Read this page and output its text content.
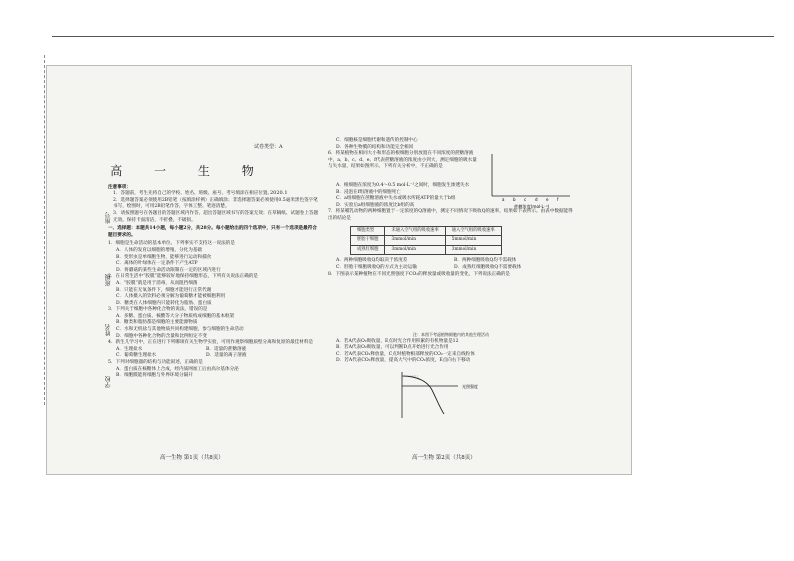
座号
班级
姓名
学校
试卷类型：A
高 一 生 物
2020.1
注意事项：
1．答题前，考生先将自己的学校、姓名、班级、座号、考号填涂在相应位置。
2．选择题答案必须使用2B铅笔（按填涂样例）正确填涂；非选择题答案必须使用0.5毫米黑色签字笔书写，绘图时，可用2B铅笔作答，字体工整、笔迹清楚。
3．请按照题号在各题目的答题区域内作答，超出答题区域书写的答案无效；在草稿纸、试题卷上答题无效。保持卡面清洁，不折叠、不破损。
一、选择题：本题共14小题，每小题2分，共28分。每小题给出的四个选项中，只有一个选项是最符合题目要求的。
1．细胞是生命活动的基本单位。下列事实不支持这一说法的是
A．人体的发育以细胞的增殖、分化为基础
B．变形虫是单细胞生物，能够进行运动和捕食
C．离体的叶绿体在一定条件下产生ATP
D．将蘑菇的某些生命活动限制在一定的区域内进行
2．在日常生活中“胶膜”能够较好地保持细胞形态，下列有关说法正确的是
A．“胶膜”就是用于消毒，从而阻挡细菌
B．只能在无氧条件下，细胞才能进行正常代谢
C．人体摄入的饮料必须分解为葡萄糖才能被细胞利用
D．糖类在人体细胞内只能转化为脂肪、蛋白质
3．下列关于细胞中各种化合物的说法，错误的是
A．多糖、蛋白质、核酸等大分子物质构成细胞的基本框架
B．糖类和脂肪都是细胞的主要能源物质
C．水和无机盐与其他物质共同构建细胞，参与细胞的生命活动
D．细胞中各种化合物的含量和比例恒定不变
4．新生儿学习中，正在进行下列哪项有关生物学实验，可用作观察细胞质壁分离和复原的最佳材料是
A．生理盐水	B．适量的蔗糖溶液
C．葡萄糖生理盐水	D．适量的离子溶液
5．下列对细胞器的结构与功能叙述，正确的是
A．蛋白质在核糖体上合成，经内质网加工后由高尔基体分泌
B．细胞膜能将细胞与外界环境分隔开
C．细胞核是细胞代谢和遗传的控制中心
D．各种生物膜的结构和功能完全相同
6．将某植物在相同大小和形态的根细胞分别放置在不同浓度的蔗糖溶液中，a、b、c、d、e、f代表蔗糖溶液的浓度由小到大，测定细胞的吸水量与失水量，结果如图所示。下列有关分析中，不正确的是
A．根细胞在浓度为0.4～0.5 mol·L⁻¹之间时，细胞发生渗透失水
B．浸泡在f组溶液中的细胞死亡
C．a组细胞在蔗糖溶液中失水或吸水所耗ATP的量大于b组
D．实验后a组细胞液的浓度比b组的高
7．将某哺乳动物的两种细胞置于一定浓度的Q溶液中，测定不同情况下吸收Q的速率，结果如下表所示。由表中数据能得出的结论是
细胞类型	未通入空气组的吸收速率	通入空气组的吸收速率
胚胎干细胞	3mmol/min	5mmol/min
成熟红细胞	3mmol/min	3mmol/min
A．两种细胞吸收Q均取决于浓度差	B．两种细胞吸收Q均不需载体
C．胚胎干细胞吸收Q的方式为主动运输	D．成熟红细胞吸收Q不需要载体
8．下图表示某种植物在不同光照强度下CO₂的释放量或吸收量的变化，下列说法正确的是
注：本图不考虑植物细胞内的其他生理活动
A．若A代表O₂吸收量，E点时光合作用积累的有机物量是12
B．若A代表O₂吸收量，可以判断D点开始进行光合作用
C．若A代表CO₂释放量，C点时植物根部释放的CO₂一定来自线粒体
D．若A代表CO₂释放量，提高大气中的CO₂浓度，E点向右下移动
a b c d e f
蔗糖浓度(mol·L⁻¹)
光照强度
高一生物 第1页（共8页）	高一生物 第2页（共8页）
